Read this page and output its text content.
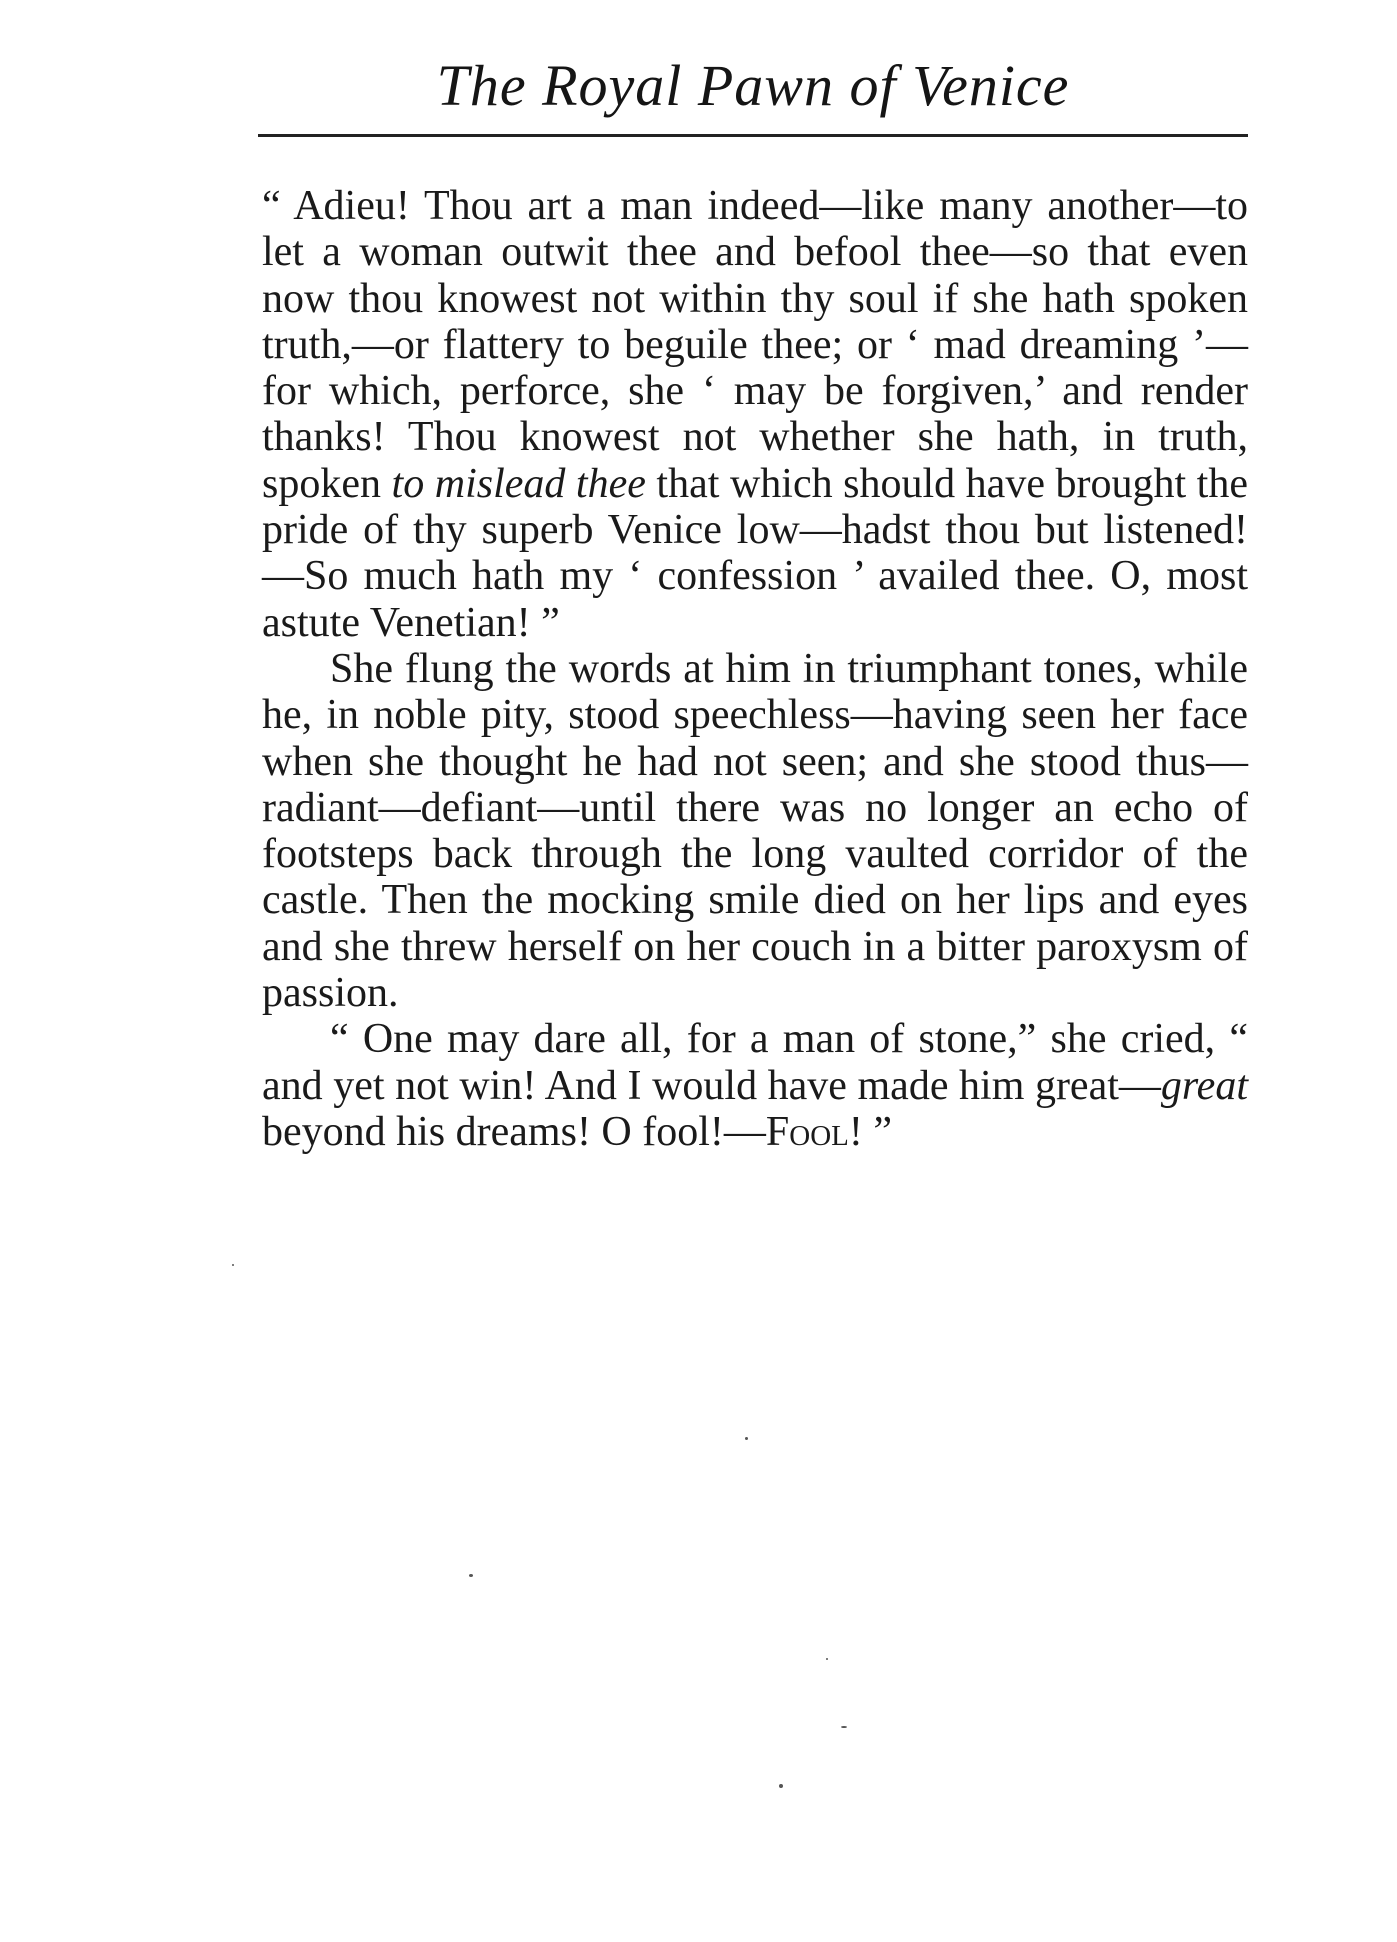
The Royal Pawn of Venice

“ Adieu! Thou art a man indeed—like many another—to let a woman outwit thee and befool thee—so that even now thou knowest not within thy soul if she hath spoken truth,—or flattery to beguile thee; or ‘ mad dreaming ’—for which, perforce, she ‘ may be forgiven,’ and render thanks! Thou knowest not whether she hath, in truth, spoken to mislead thee that which should have brought the pride of thy superb Venice low—hadst thou but listened!—So much hath my ‘ confession ’ availed thee. O, most astute Venetian! ”

She flung the words at him in triumphant tones, while he, in noble pity, stood speechless—having seen her face when she thought he had not seen; and she stood thus—radiant—defiant—until there was no longer an echo of footsteps back through the long vaulted corridor of the castle. Then the mocking smile died on her lips and eyes and she threw herself on her couch in a bitter paroxysm of passion.

“ One may dare all, for a man of stone,” she cried, “ and yet not win! And I would have made him great—great beyond his dreams! O fool!—Fool! ”
